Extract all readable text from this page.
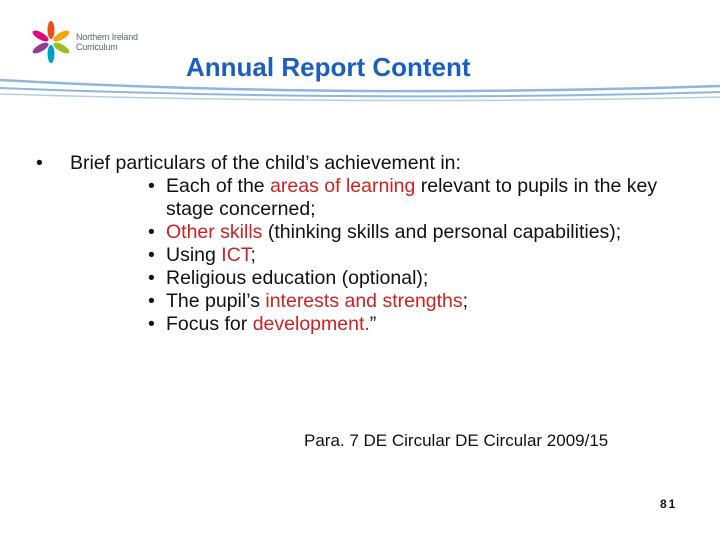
Northern Ireland
Curriculum
Annual Report Content
• Brief particulars of the child’s achievement in:
• Each of the areas of learning relevant to pupils in the key stage concerned;
• Other skills (thinking skills and personal capabilities);
• Using ICT;
• Religious education (optional);
• The pupil’s interests and strengths;
• Focus for development.”
Para. 7 DE Circular DE Circular 2009/15
81
